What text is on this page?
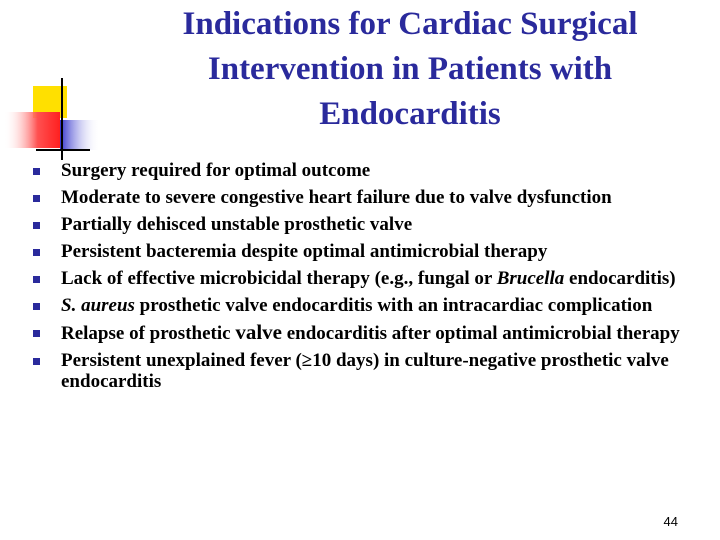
Indications for Cardiac Surgical
Intervention in Patients with
Endocarditis
Surgery required for optimal outcome
Moderate to severe congestive heart failure due to valve dysfunction
Partially dehisced unstable prosthetic valve
Persistent bacteremia despite optimal antimicrobial therapy
Lack of effective microbicidal therapy (e.g., fungal or Brucella endocarditis)
S. aureus prosthetic valve endocarditis with an intracardiac complication
Relapse of prosthetic valve endocarditis after optimal antimicrobial therapy
Persistent unexplained fever (≥10 days) in culture-negative prosthetic valve endocarditis
44
